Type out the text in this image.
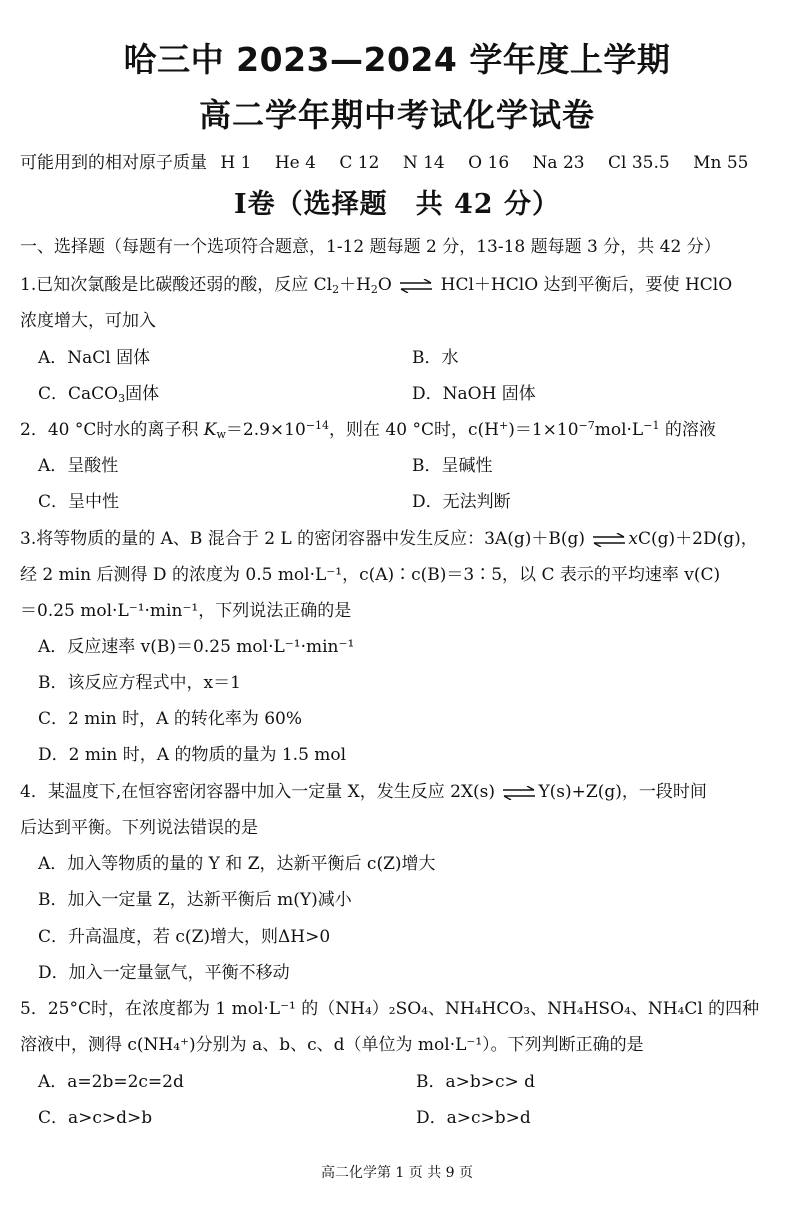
哈三中 2023—2024 学年度上学期
高二学年期中考试化学试卷
可能用到的相对原子质量 H 1 He 4 C 12 N 14 O 16 Na 23 Cl 35.5 Mn 55
I卷（选择题　共 42 分）
一、选择题（每题有一个选项符合题意，1-12 题每题 2 分，13-18 题每题 3 分，共 42 分）
1.已知次氯酸是比碳酸还弱的酸，反应 $Cl_2+H_2O$ ⇌ HCl＋HClO 达到平衡后，要使 HClO
浓度增大，可加入
A．NaCl 固体	B．水
C．CaCO$_3$固体	D．NaOH 固体
2．40 °C时水的离子积 $K_w=2.9\times 10^{-14}$，则在 40 °C时，$c(H^+)=1\times 10^{-7}mol\cdot L^{-1}$ 的溶液
A．呈酸性	B．呈碱性
C．呈中性	D．无法判断
3.将等物质的量的 A、B 混合于 2 L 的密闭容器中发生反应：3A(g)＋B(g) ⇌ xC(g)＋2D(g)，
经 2 min 后测得 D 的浓度为 0.5 mol·L⁻¹，c(A)∶c(B)＝3∶5，以 C 表示的平均速率 v(C)
＝0.25 mol·L⁻¹·min⁻¹，下列说法正确的是
A．反应速率 v(B)＝0.25 mol·L⁻¹·min⁻¹
B．该反应方程式中，x＝1
C．2 min 时，A 的转化率为 60%
D．2 min 时，A 的物质的量为 1.5 mol
4．某温度下,在恒容密闭容器中加入一定量 X，发生反应 2X(s) ⇌ Y(s)+Z(g)，一段时间
后达到平衡。下列说法错误的是
A．加入等物质的量的 Y 和 Z，达新平衡后 c(Z)增大
B．加入一定量 Z，达新平衡后 m(Y)减小
C．升高温度，若 c(Z)增大，则ΔH>0
D．加入一定量氩气，平衡不移动
5．25°C时，在浓度都为 1 mol·L⁻¹ 的（NH₄）₂SO₄、NH₄HCO₃、NH₄HSO₄、NH₄Cl 的四种
溶液中，测得 c(NH₄⁺)分别为 a、b、c、d（单位为 mol·L⁻¹）。下列判断正确的是
A．a=2b=2c=2d	B．a>b>c> d
C．a>c>d>b	D．a>c>b>d
高二化学第 1 页 共 9 页
